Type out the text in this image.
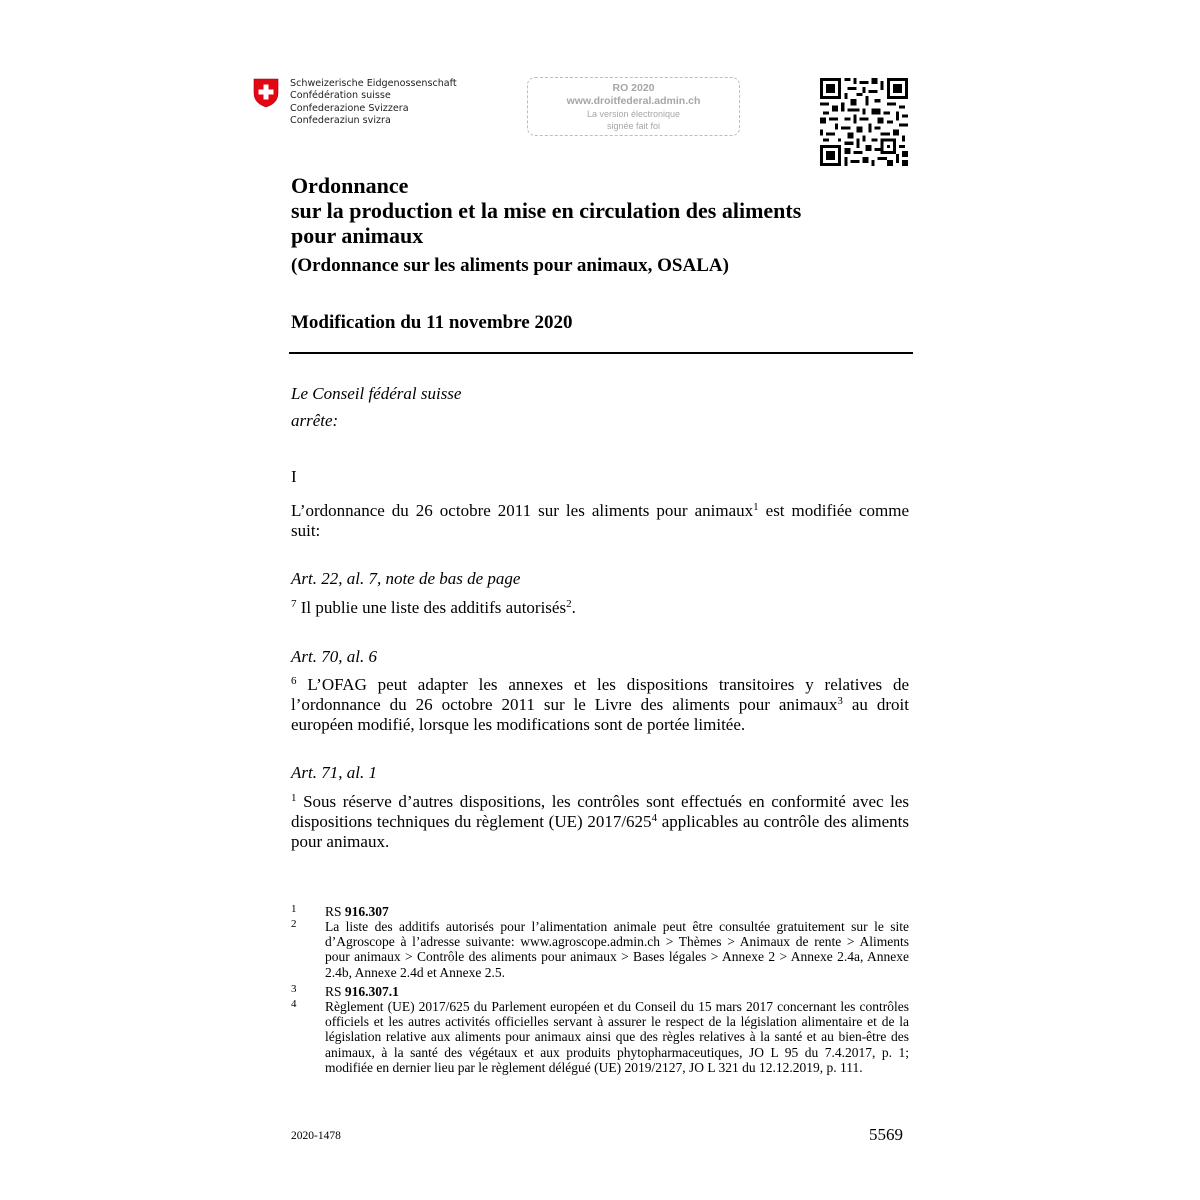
Schweizerische Eidgenossenschaft
Confédération suisse
Confederazione Svizzera
Confederaziun svizra
RO 2020
www.droitfederal.admin.ch
La version électronique
signée fait foi
Ordonnance
sur la production et la mise en circulation des aliments
pour animaux
(Ordonnance sur les aliments pour animaux, OSALA)
Modification du 11 novembre 2020
Le Conseil fédéral suisse
arrête:
I
L’ordonnance du 26 octobre 2011 sur les aliments pour animaux$^1$ est modifiée comme suit:
Art. 22, al. 7, note de bas de page
$^7$ Il publie une liste des additifs autorisés$^2$.
Art. 70, al. 6
$^6$ L’OFAG peut adapter les annexes et les dispositions transitoires y relatives de l’ordonnance du 26 octobre 2011 sur le Livre des aliments pour animaux$^3$ au droit européen modifié, lorsque les modifications sont de portée limitée.
Art. 71, al. 1
$^1$ Sous réserve d’autres dispositions, les contrôles sont effectués en conformité avec les dispositions techniques du règlement (UE) $2017/625^4$ applicables au contrôle des aliments pour animaux.
1 RS 916.307
2 La liste des additifs autorisés pour l’alimentation animale peut être consultée gratuitement sur le site d’Agroscope à l’adresse suivante: www.agroscope.admin.ch > Thèmes > Animaux de rente > Aliments pour animaux > Contrôle des aliments pour animaux > Bases légales > Annexe 2 > Annexe 2.4a, Annexe 2.4b, Annexe 2.4d et Annexe 2.5.
3 RS 916.307.1
4 Règlement (UE) 2017/625 du Parlement européen et du Conseil du 15 mars 2017 concernant les contrôles officiels et les autres activités officielles servant à assurer le respect de la législation alimentaire et de la législation relative aux aliments pour animaux ainsi que des règles relatives à la santé et au bien-être des animaux, à la santé des végétaux et aux produits phytopharmaceutiques, JO L 95 du 7.4.2017, p. 1; modifiée en dernier lieu par le règlement délégué (UE) 2019/2127, JO L 321 du 12.12.2019, p. 111.
2020-1478	5569
